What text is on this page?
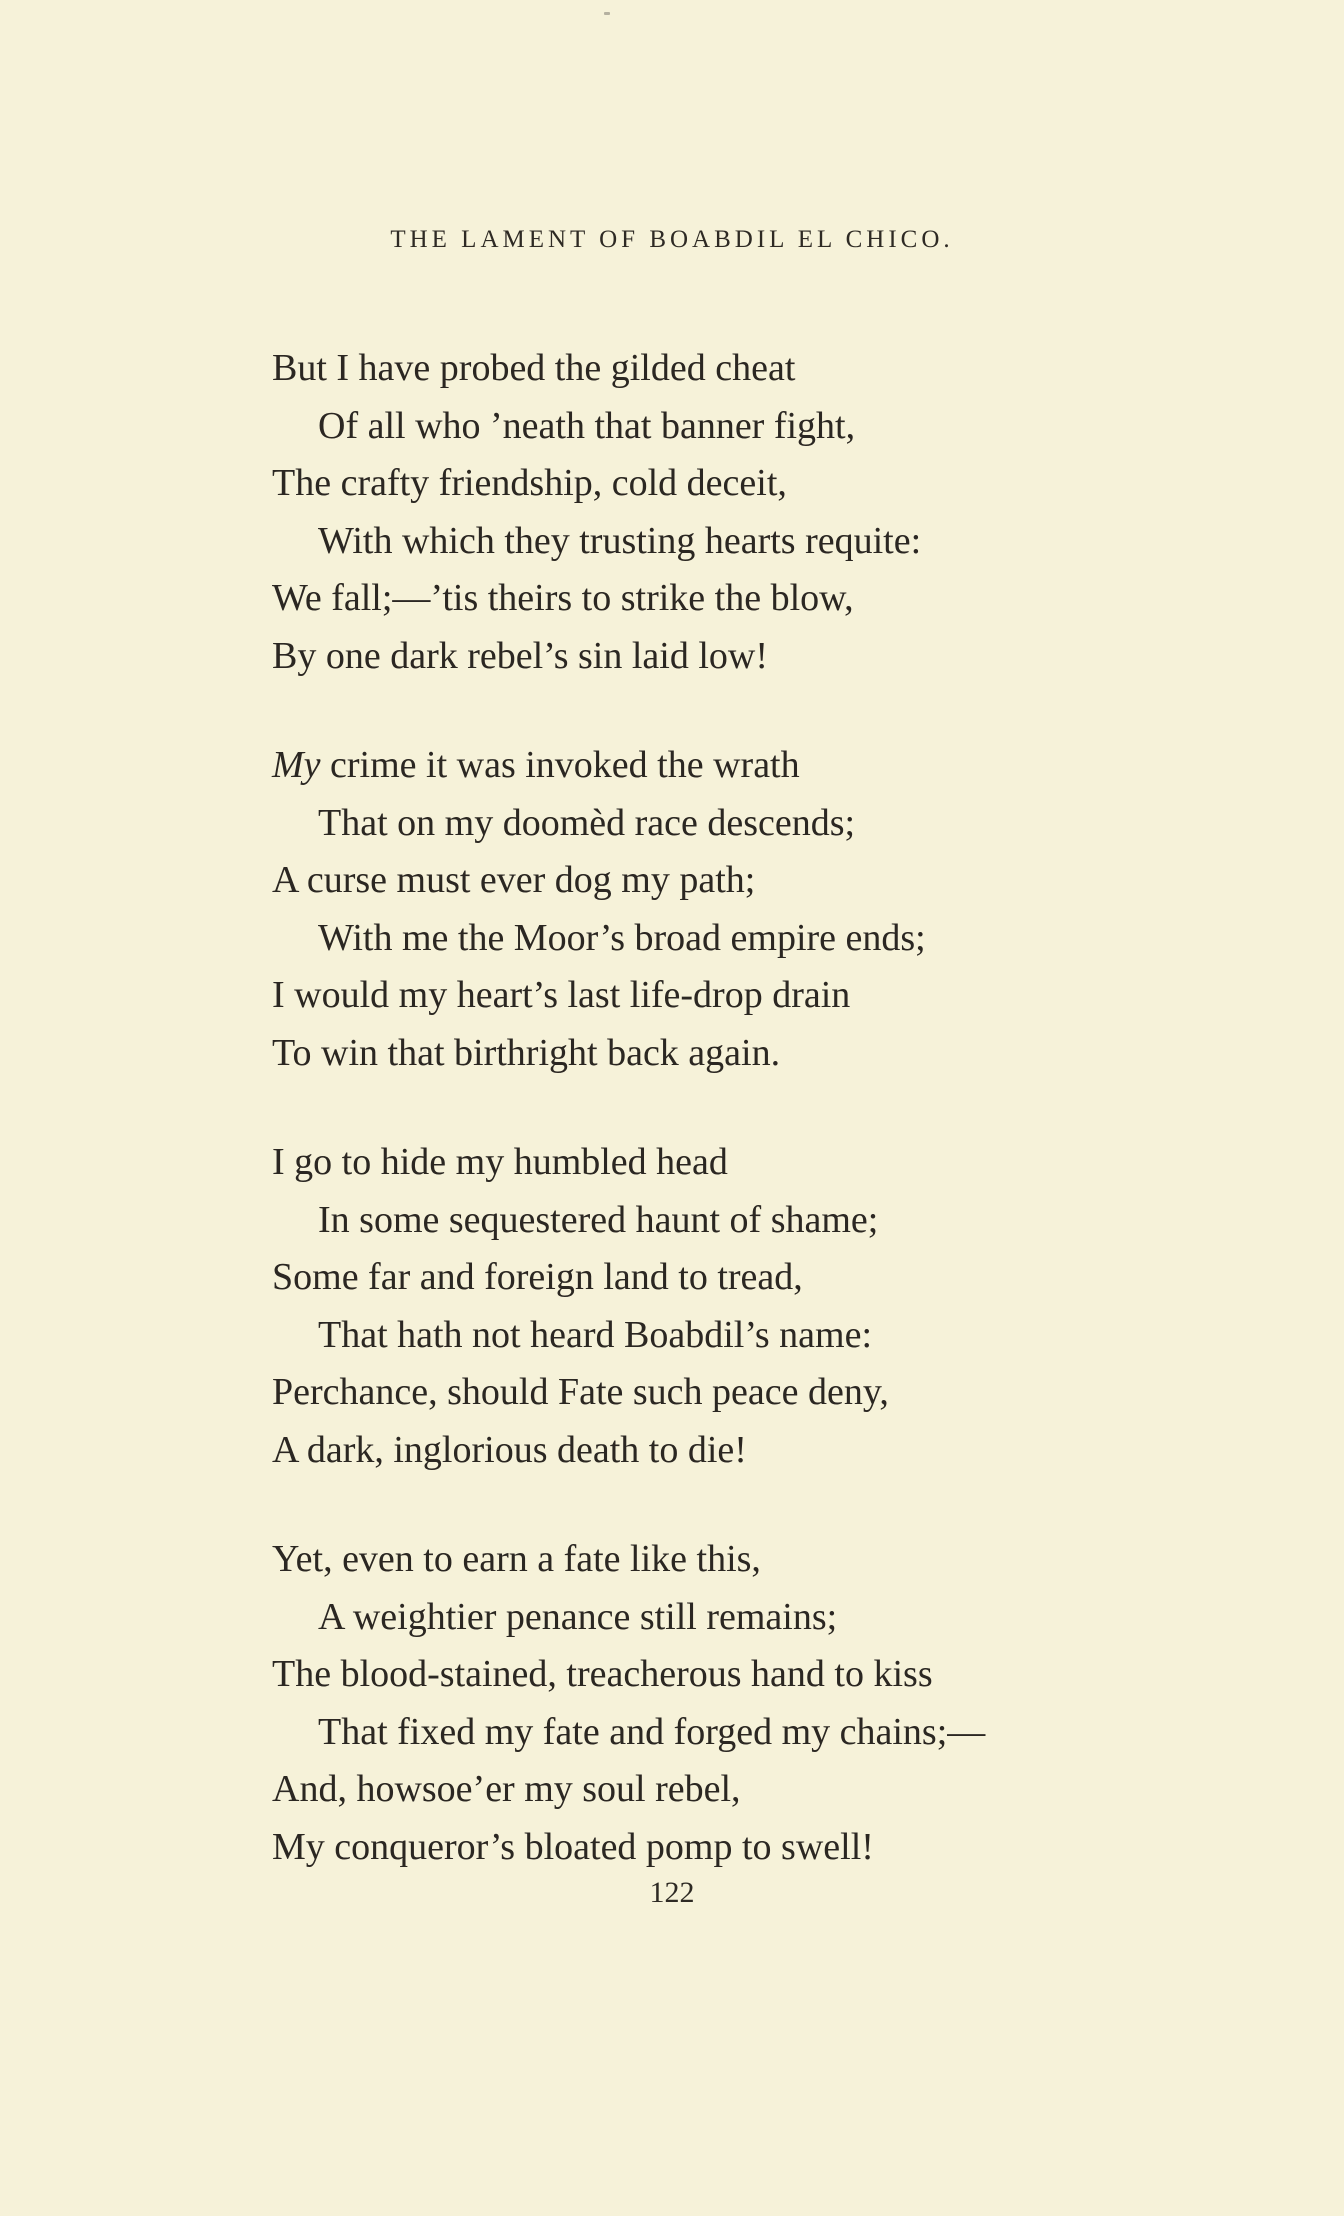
THE LAMENT OF BOABDIL EL CHICO.
But I have probed the gilded cheat
Of all who ’neath that banner fight,
The crafty friendship, cold deceit,
With which they trusting hearts requite:
We fall;—’tis theirs to strike the blow,
By one dark rebel’s sin laid low!
My crime it was invoked the wrath
That on my doomèd race descends;
A curse must ever dog my path;
With me the Moor’s broad empire ends;
I would my heart’s last life-drop drain
To win that birthright back again.
I go to hide my humbled head
In some sequestered haunt of shame;
Some far and foreign land to tread,
That hath not heard Boabdil’s name:
Perchance, should Fate such peace deny,
A dark, inglorious death to die!
Yet, even to earn a fate like this,
A weightier penance still remains;
The blood-stained, treacherous hand to kiss
That fixed my fate and forged my chains;—
And, howsoe’er my soul rebel,
My conqueror’s bloated pomp to swell!
122
